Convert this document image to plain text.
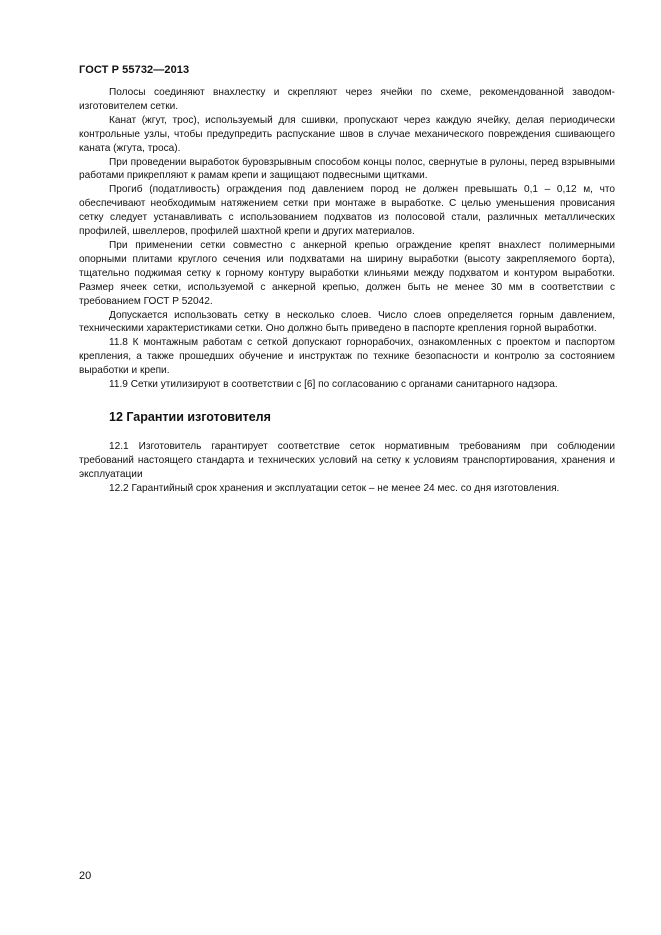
ГОСТ Р 55732—2013

Полосы соединяют внахлестку и скрепляют через ячейки по схеме, рекомендованной заводом-изготовителем сетки.

Канат (жгут, трос), используемый для сшивки, пропускают через каждую ячейку, делая периодически контрольные узлы, чтобы предупредить распускание швов в случае механического повреждения сшивающего каната (жгута, троса).

При проведении выработок буровзрывным способом концы полос, свернутые в рулоны, перед взрывными работами прикрепляют к рамам крепи и защищают подвесными щитками.

Прогиб (податливость) ограждения под давлением пород не должен превышать 0,1 – 0,12 м, что обеспечивают необходимым натяжением сетки при монтаже в выработке. С целью уменьшения провисания сетку следует устанавливать с использованием подхватов из полосовой стали, различных металлических профилей, швеллеров, профилей шахтной крепи и других материалов.

При применении сетки совместно с анкерной крепью ограждение крепят внахлест полимерными опорными плитами круглого сечения или подхватами на ширину выработки (высоту закрепляемого борта), тщательно поджимая сетку к горному контуру выработки клиньями между подхватом и контуром выработки. Размер ячеек сетки, используемой с анкерной крепью, должен быть не менее 30 мм в соответствии с требованием ГОСТ Р 52042.

Допускается использовать сетку в несколько слоев. Число слоев определяется горным давлением, техническими характеристиками сетки. Оно должно быть приведено в паспорте крепления горной выработки.

11.8 К монтажным работам с сеткой допускают горнорабочих, ознакомленных с проектом и паспортом крепления, а также прошедших обучение и инструктаж по технике безопасности и контролю за состоянием выработки и крепи.

11.9 Сетки утилизируют в соответствии с [6] по согласованию с органами санитарного надзора.

12 Гарантии изготовителя

12.1 Изготовитель гарантирует соответствие сеток нормативным требованиям при соблюдении требований настоящего стандарта и технических условий на сетку к условиям транспортирования, хранения и эксплуатации

12.2 Гарантийный срок хранения и эксплуатации сеток – не менее 24 мес. со дня изготовления.

20
